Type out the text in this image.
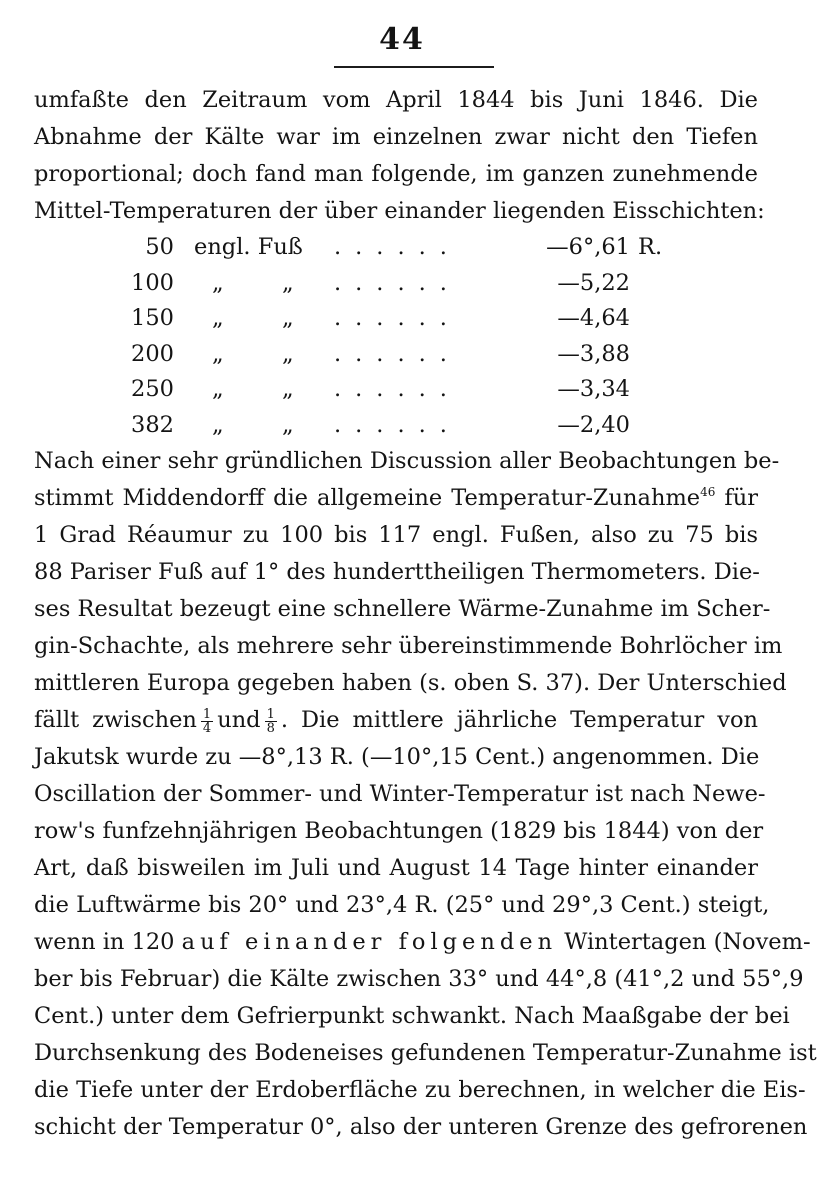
44
umfaßte den Zeitraum vom April 1844 bis Juni 1846. Die
Abnahme der Kälte war im einzelnen zwar nicht den Tiefen
proportional; doch fand man folgende, im ganzen zunehmende
Mittel-Temperaturen der über einander liegenden Eisschichten:
50 engl. Fuß ......	—6°,61 R.
100 „	„ ......	—5,22
150 „	„ ......	—4,64
200 „	„ ......	—3,88
250 „	„ ......	—3,34
382 „	„ ......	—2,40
Nach einer sehr gründlichen Discussion aller Beobachtungen be-
stimmt Middendorff die allgemeine Temperatur-Zunahme$^{46}$ für
1 Grad Réaumur zu 100 bis 117 engl. Fußen, also zu 75 bis
88 Pariser Fuß auf 1° des hunderttheiligen Thermometers. Die-
ses Resultat bezeugt eine schnellere Wärme-Zunahme im Scher-
gin-Schachte, als mehrere sehr übereinstimmende Bohrlöcher im
mittleren Europa gegeben haben (s. oben S. 37). Der Unterschied
fällt zwischen $\frac{1}{4}$ und $\frac{1}{8}$ . Die mittlere jährliche Temperatur von
Jakutsk wurde zu —8°,13 R. (—10°,15 Cent.) angenommen. Die
Oscillation der Sommer- und Winter-Temperatur ist nach Newe-
row's funfzehnjährigen Beobachtungen (1829 bis 1844) von der
Art, daß bisweilen im Juli und August 14 Tage hinter einander
die Luftwärme bis 20° und 23°,4 R. (25° und 29°,3 Cent.) steigt,
wenn in 120 auf einander folgenden Wintertagen (Novem-
ber bis Februar) die Kälte zwischen 33° und 44°,8 (41°,2 und 55°,9
Cent.) unter dem Gefrierpunkt schwankt. Nach Maaßgabe der bei
Durchsenkung des Bodeneises gefundenen Temperatur-Zunahme ist
die Tiefe unter der Erdoberfläche zu berechnen, in welcher die Eis-
schicht der Temperatur 0°, also der unteren Grenze des gefrorenen
